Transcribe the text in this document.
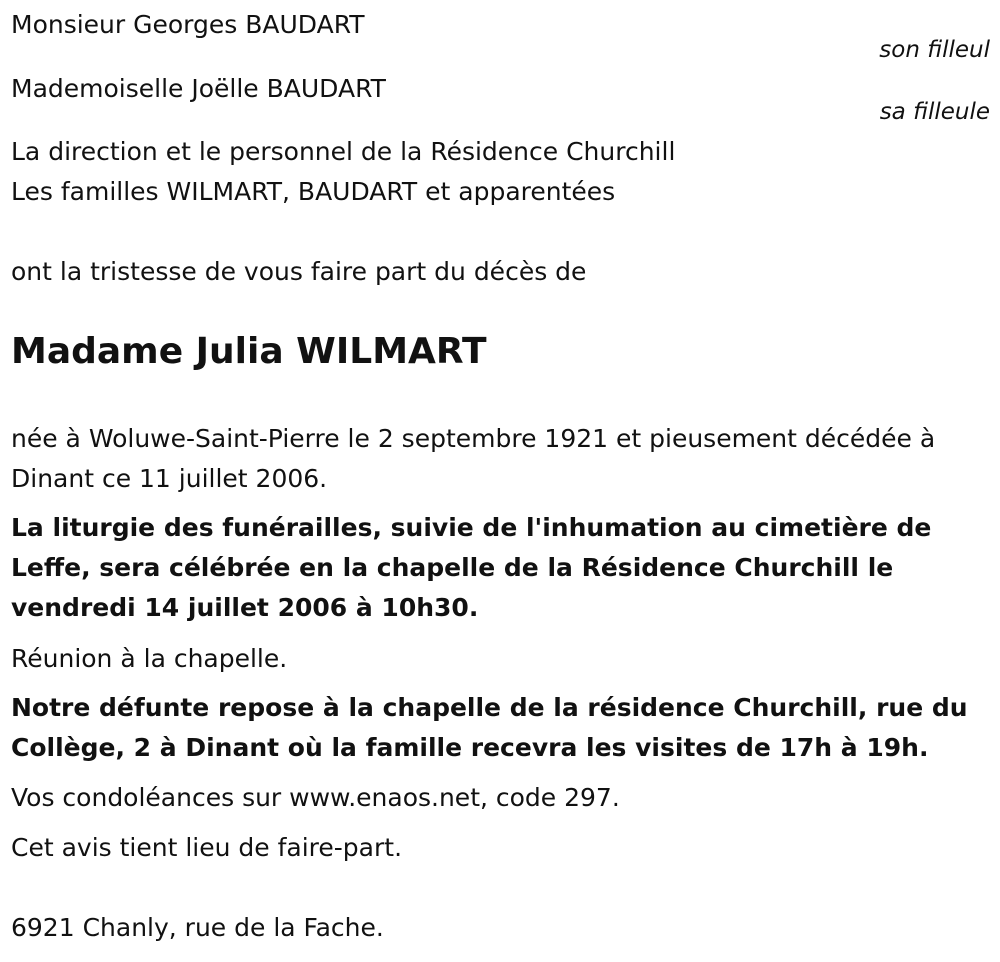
Monsieur Georges BAUDART
son filleul
Mademoiselle Joëlle BAUDART
sa filleule
La direction et le personnel de la Résidence Churchill
Les familles WILMART, BAUDART et apparentées
ont la tristesse de vous faire part du décès de
Madame Julia WILMART

née à Woluwe-Saint-Pierre le 2 septembre 1921 et pieusement décédée à Dinant ce 11 juillet 2006.

La liturgie des funérailles, suivie de l'inhumation au cimetière de Leffe, sera célébrée en la chapelle de la Résidence Churchill le vendredi 14 juillet 2006 à 10h30.

Réunion à la chapelle.

Notre défunte repose à la chapelle de la résidence Churchill, rue du Collège, 2 à Dinant où la famille recevra les visites de 17h à 19h.

Vos condoléances sur www.enaos.net, code 297.

Cet avis tient lieu de faire-part.

6921 Chanly, rue de la Fache.
